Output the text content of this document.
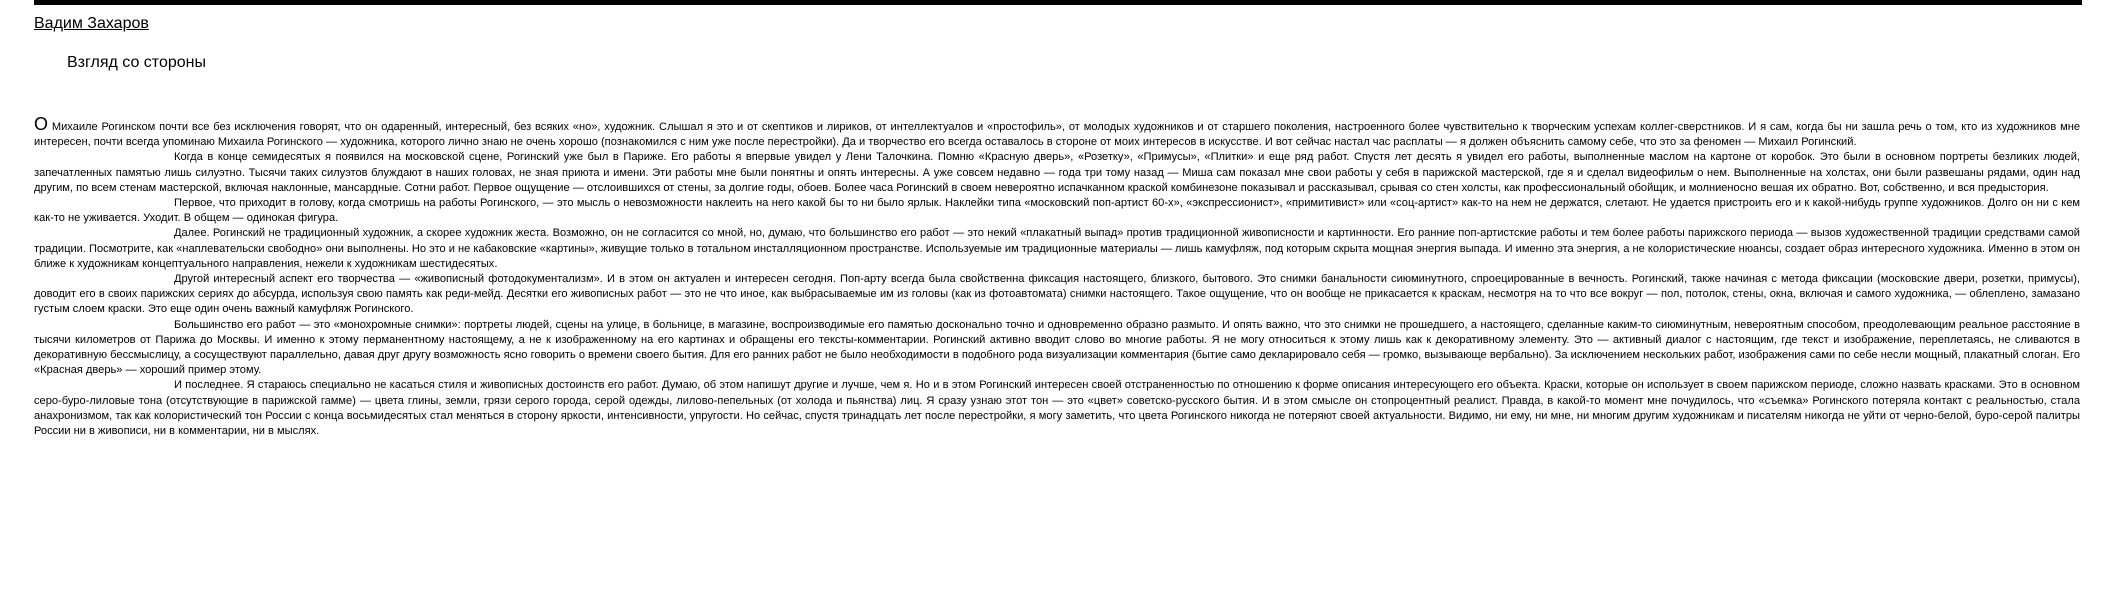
Вадим Захаров
Взгляд со стороны

О Михаиле Рогинском почти все без исключения говорят, что он одаренный, интересный, без всяких «но», художник. Слышал я это и от скептиков и лириков, от интеллектуалов и «простофиль», от молодых художников и от старшего поколения, настроенного более чувствительно к творческим успехам коллег-сверстников. И я сам, когда бы ни зашла речь о том, кто из художников мне интересен, почти всегда упоминаю Михаила Рогинского — художника, которого лично знаю не очень хорошо (познакомился с ним уже после перестройки). Да и творчество его всегда оставалось в стороне от моих интересов в искусстве. И вот сейчас настал час расплаты — я должен объяснить самому себе, что это за феномен — Михаил Рогинский.

Когда в конце семидесятых я появился на московской сцене, Рогинский уже был в Париже. Его работы я впервые увидел у Лени Талочкина. Помню «Красную дверь», «Розетку», «Примусы», «Плитки» и еще ряд работ. Спустя лет десять я увидел его работы, выполненные маслом на картоне от коробок. Это были в основном портреты безликих людей, запечатленных памятью лишь силуэтно. Тысячи таких силуэтов блуждают в наших головах, не зная приюта и имени. Эти работы мне были понятны и опять интересны. А уже совсем недавно — года три тому назад — Миша сам показал мне свои работы у себя в парижской мастерской, где я и сделал видеофильм о нем. Выполненные на холстах, они были развешаны рядами, один над другим, по всем стенам мастерской, включая наклонные, мансардные. Сотни работ. Первое ощущение — отслоившихся от стены, за долгие годы, обоев. Более часа Рогинский в своем невероятно испачканном краской комбинезоне показывал и рассказывал, срывая со стен холсты, как профессиональный обойщик, и молниеносно вешая их обратно. Вот, собственно, и вся предыстория.

Первое, что приходит в голову, когда смотришь на работы Рогинского, — это мысль о невозможности наклеить на него какой бы то ни было ярлык. Наклейки типа «московский поп-артист 60-х», «экспрессионист», «примитивист» или «соц-артист» как-то на нем не держатся, слетают. Не удается пристроить его и к какой-нибудь группе художников. Долго он ни с кем как-то не уживается. Уходит. В общем — одинокая фигура.

Далее. Рогинский не традиционный художник, а скорее художник жеста. Возможно, он не согласится со мной, но, думаю, что большинство его работ — это некий «плакатный выпад» против традиционной живописности и картинности. Его ранние поп-артистские работы и тем более работы парижского периода — вызов художественной традиции средствами самой традиции. Посмотрите, как «наплевательски свободно» они выполнены. Но это и не кабаковские «картины», живущие только в тотальном инсталляционном пространстве. Используемые им традиционные материалы — лишь камуфляж, под которым скрыта мощная энергия выпада. И именно эта энергия, а не колористические нюансы, создает образ интересного художника. Именно в этом он ближе к художникам концептуального направления, нежели к художникам шестидесятых.

Другой интересный аспект его творчества — «живописный фотодокументализм». И в этом он актуален и интересен сегодня. Поп-арту всегда была свойственна фиксация настоящего, близкого, бытового. Это снимки банальности сиюминутного, спроецированные в вечность. Рогинский, также начиная с метода фиксации (московские двери, розетки, примусы), доводит его в своих парижских сериях до абсурда, используя свою память как реди-мейд. Десятки его живописных работ — это не что иное, как выбрасываемые им из головы (как из фотоавтомата) снимки настоящего. Такое ощущение, что он вообще не прикасается к краскам, несмотря на то что все вокруг — пол, потолок, стены, окна, включая и самого художника, — облеплено, замазано густым слоем краски. Это еще один очень важный камуфляж Рогинского.

Большинство его работ — это «монохромные снимки»: портреты людей, сцены на улице, в больнице, в магазине, воспроизводимые его памятью досконально точно и одновременно образно размыто. И опять важно, что это снимки не прошедшего, а настоящего, сделанные каким-то сиюминутным, невероятным способом, преодолевающим реальное расстояние в тысячи километров от Парижа до Москвы. И именно к этому перманентному настоящему, а не к изображенному на его картинах и обращены его тексты-комментарии. Рогинский активно вводит слово во многие работы. Я не могу относиться к этому лишь как к декоративному элементу. Это — активный диалог с настоящим, где текст и изображение, переплетаясь, не сливаются в декоративную бессмыслицу, а сосуществуют параллельно, давая друг другу возможность ясно говорить о времени своего бытия. Для его ранних работ не было необходимости в подобного рода визуализации комментария (бытие само декларировало себя — громко, вызывающе вербально). За исключением нескольких работ, изображения сами по себе несли мощный, плакатный слоган. Его «Красная дверь» — хороший пример этому.

И последнее. Я стараюсь специально не касаться стиля и живописных достоинств его работ. Думаю, об этом напишут другие и лучше, чем я. Но и в этом Рогинский интересен своей отстраненностью по отношению к форме описания интересующего его объекта. Краски, которые он использует в своем парижском периоде, сложно назвать красками. Это в основном серо-буро-лиловые тона (отсутствующие в парижской гамме) — цвета глины, земли, грязи серого города, серой одежды, лилово-пепельных (от холода и пьянства) лиц. Я сразу узнаю этот тон — это «цвет» советско-русского бытия. И в этом смысле он стопроцентный реалист. Правда, в какой-то момент мне почудилось, что «съемка» Рогинского потеряла контакт с реальностью, стала анахронизмом, так как колористический тон России с конца восьмидесятых стал меняться в сторону яркости, интенсивности, упругости. Но сейчас, спустя тринадцать лет после перестройки, я могу заметить, что цвета Рогинского никогда не потеряют своей актуальности. Видимо, ни ему, ни мне, ни многим другим художникам и писателям никогда не уйти от черно-белой, буро-серой палитры России ни в живописи, ни в комментарии, ни в мыслях.
